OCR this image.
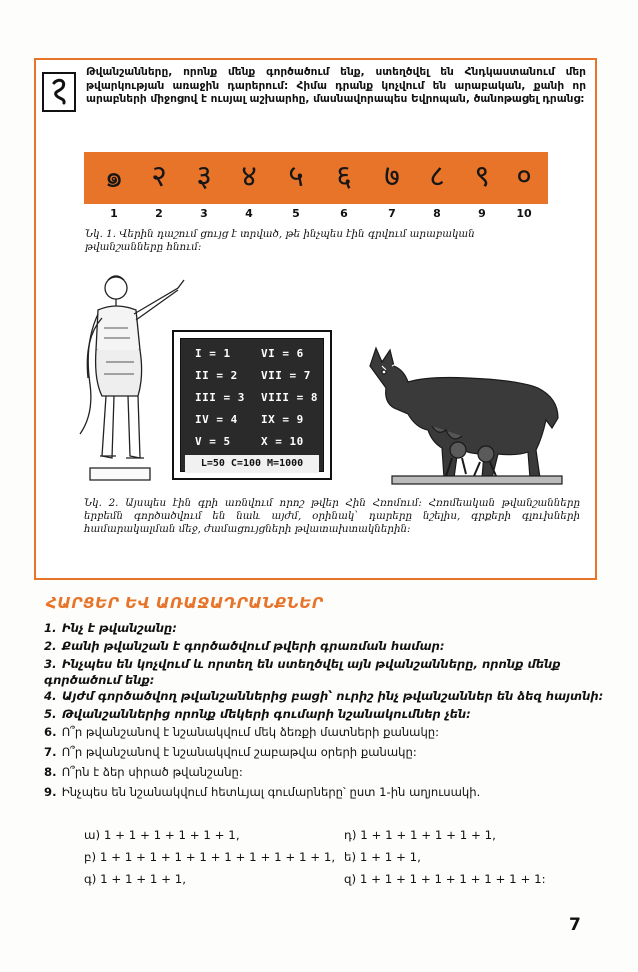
Թվանշանները, որոնք մենք գործածում ենք, ստեղծվել են Հնդկաստանում մեր թվարկության առաջին դարերում: Հիմա դրանք կոչվում են արաբական, քանի որ արաբների միջոցով է ուսյալ աշխարհը, մասնավորապես Եվրոպան, ծանոթացել դրանց:

๑ २ ३ ४	५	६	७ ८ ९ ०
1	2	3	4	5	6	7	8	9	10
Նկ. 1. Վերին դաշում ցույց է տրված, թե ինչպես էին գրվում արաբական թվանշանները հնում:
I = 1	VI = 6
II = 2 VII = 7
III = 3 VIII = 8
IV = 4 IX = 9
V = 5	X = 10
L=50 C=100 M=1000
Նկ. 2. Այսպես էին գրի առնվում որոշ թվեր Հին Հռոմում: Հռոմեական թվանշանները երբեմն գործածվում են նաև այժմ, օրինակ՝ դարերը նշելիս, գրքերի գլուխների համարակալման մեջ, ժամացույցների թվատախտակներին:
ՀԱՐՑԵՐ ԵՎ ԱՌԱՋԱԴՐԱՆՔՆԵՐ
1. Ինչ է թվանշանը:
2. Քանի թվանշան է գործածվում թվերի գրառման համար:
3. Ինչպես են կոչվում և որտեղ են ստեղծվել այն թվանշանները, որոնք մենք գործածում ենք:
4. Այժմ գործածվող թվանշաններից բացի՝ ուրիշ ինչ թվանշաններ են ձեզ հայտնի:
5. Թվանշաններից որոնք մեկերի գումարի նշանակումներ չեն:
6. Ո՞ր թվանշանով է նշանակվում մեկ ձեռքի մատների քանակը:
7. Ո՞ր թվանշանով է նշանակվում շաբաթվա օրերի քանակը:
8. Ո՞րն է ձեր սիրած թվանշանը:
9. Ինչպես են նշանակվում հետևյալ գումարները՝ ըստ 1-ին աղյուսակի.
ա) 1 + 1 + 1 + 1 + 1 + 1,	դ) 1 + 1 + 1 + 1 + 1 + 1,
բ) 1 + 1 + 1 + 1 + 1 + 1 + 1 + 1 + 1 + 1, ե) 1 + 1 + 1,
գ) 1 + 1 + 1 + 1,	զ) 1 + 1 + 1 + 1 + 1 + 1 + 1 + 1:
7
